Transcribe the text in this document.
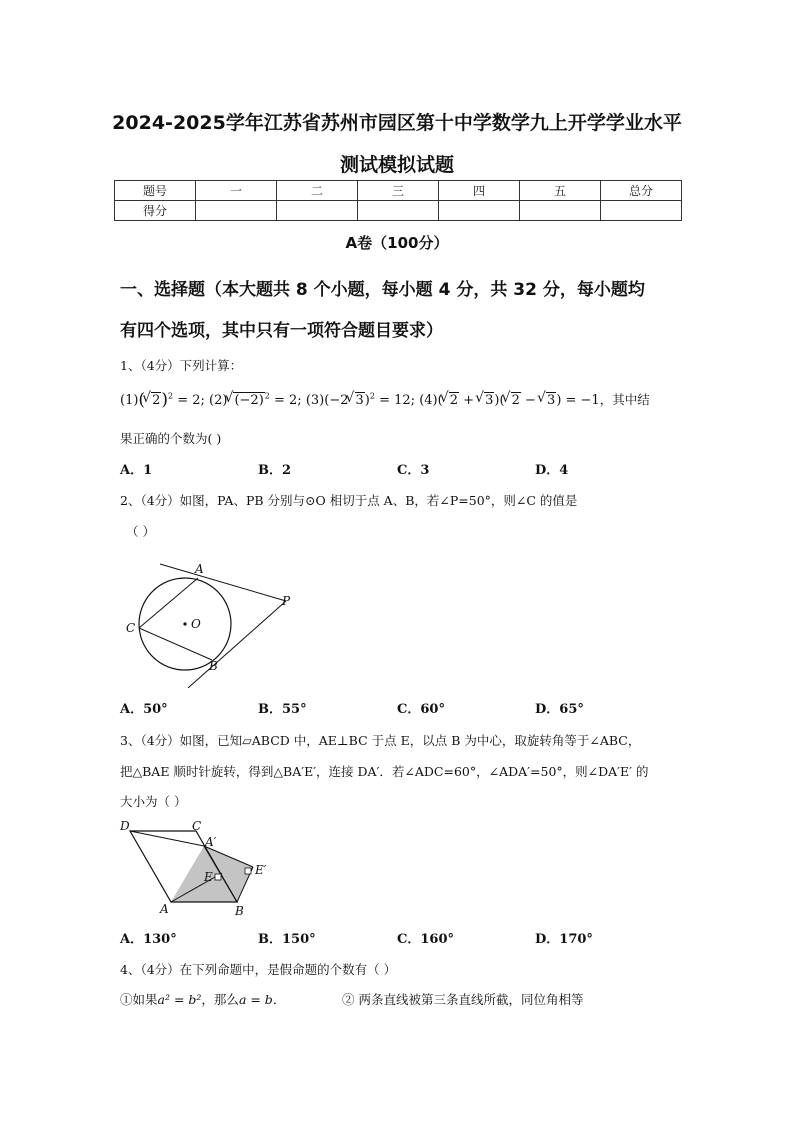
2024-2025学年江苏省苏州市园区第十中学数学九上开学学业水平
测试模拟试题
题号	一	二	三	四	五	总分
得分						
A卷（100分）
一、选择题（本大题共 8 个小题，每小题 4 分，共 32 分，每小题均
有四个选项，其中只有一项符合题目要求）
1、（4分）下列计算：
(1)( √ 2)$^2$ = 2; (2) √ $(-2)^2 = 2$; (3)(−2 √ 3)$^2$ = 12; (4)( √ 2 + √ 3)( √ 2 − √ 3) = −1，其中结
果正确的个数为( )
A．1	B．2	C．3	D．4
2、（4分）如图，PA、PB 分别与⊙O 相切于点 A、B，若∠P=50°，则∠C 的值是
（ ）
A
P
C	O
B
A．50°	B．55°	C．60°	D．65°
3、（4分）如图，已知▱ABCD 中，AE⊥BC 于点 E，以点 B 为中心，取旋转角等于∠ABC，
把△BAE 顺时针旋转，得到△BA′E′，连接 DA′．若∠ADC=60°，∠ADA′=50°，则∠DA′E′ 的
大小为（ ）
D	C
A′
E′
E
A	B
A．130°	B．150°	C．160°	D．170°
4、（4分）在下列命题中，是假命题的个数有（ ）
①如果a² = b²，那么a = b．	② 两条直线被第三条直线所截，同位角相等
